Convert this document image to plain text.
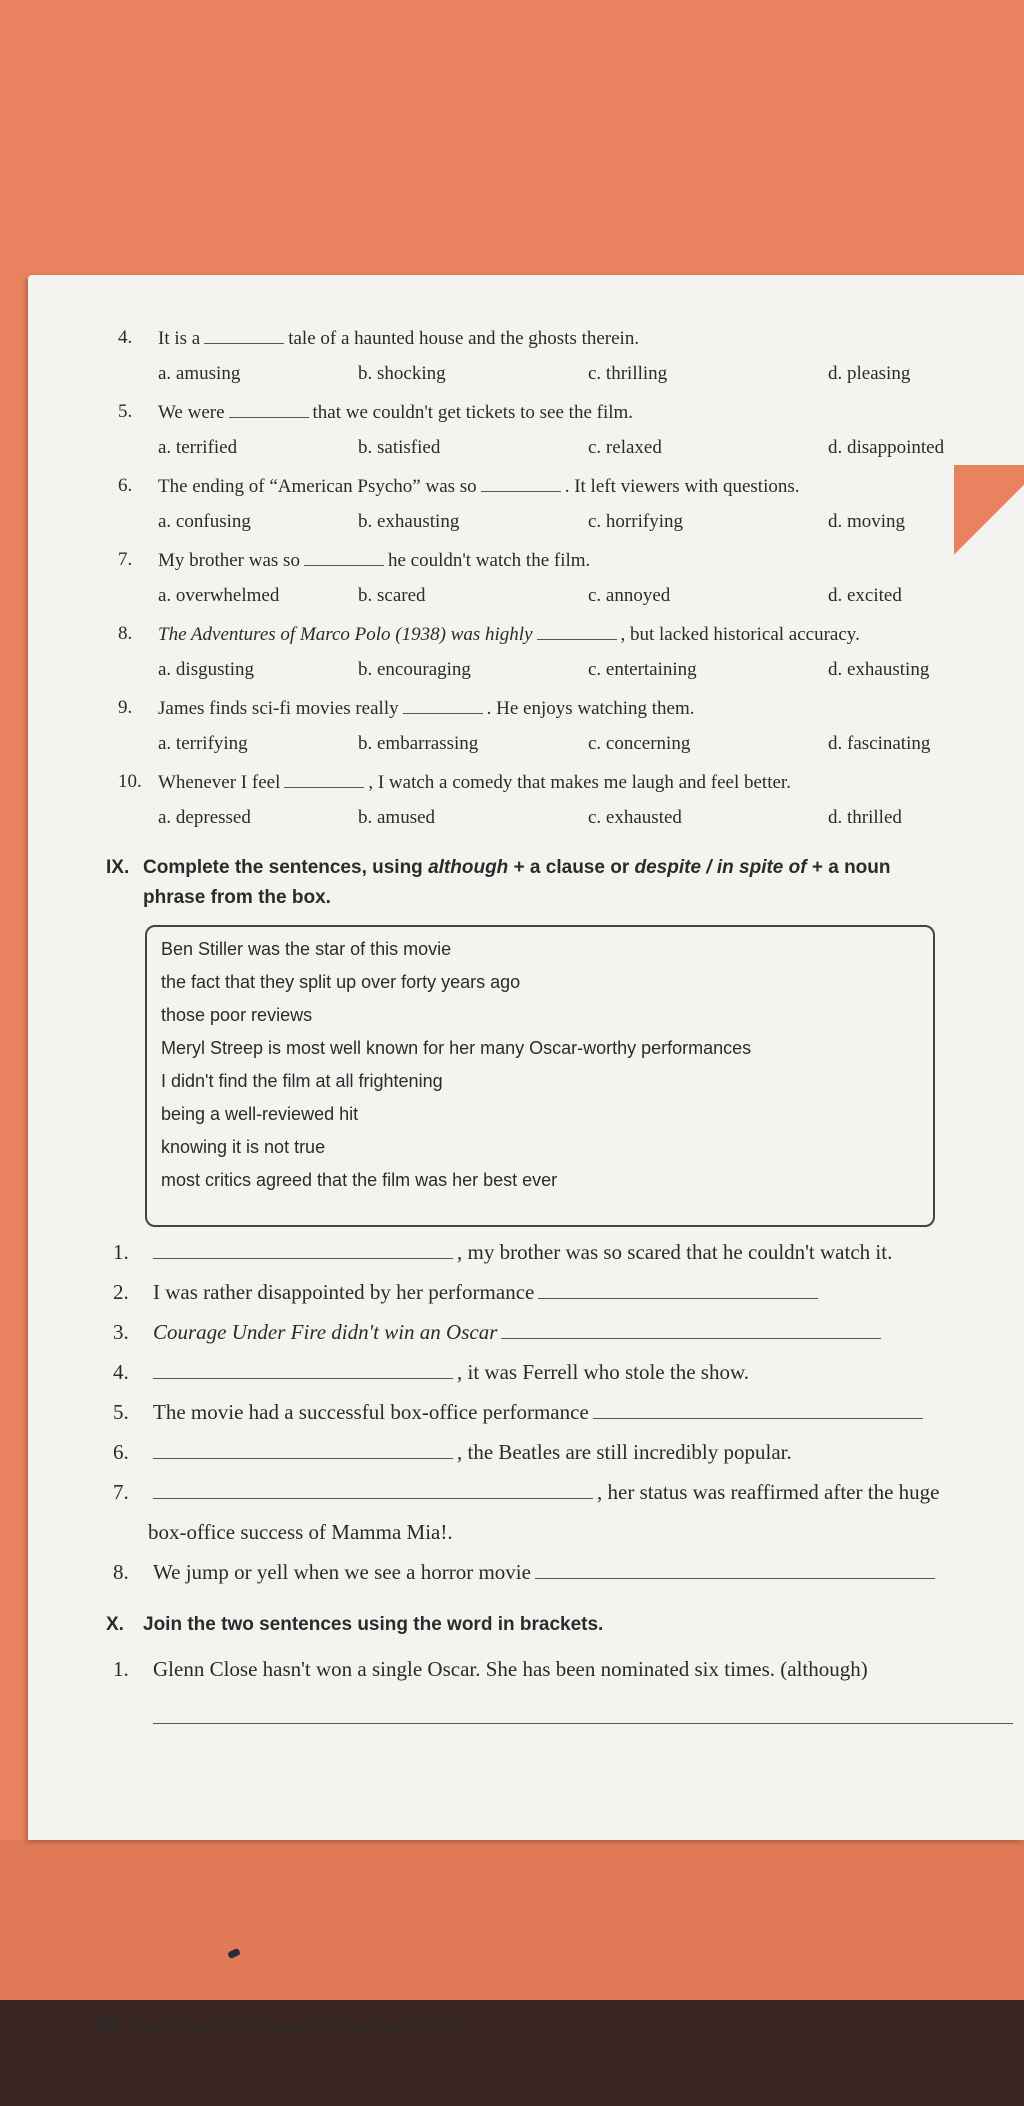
4.	It is a	tale of a haunted house and the ghosts therein.
a. amusing	b. shocking	c. thrilling	d. pleasing
5.	We were	that we couldn't get tickets to see the film.
a. terrified	b. satisfied	c. relaxed	d. disappointed
6.	The ending of “American Psycho” was so	. It left viewers with questions.
a. confusing	b. exhausting	c. horrifying	d. moving
7.	My brother was so	he couldn't watch the film.
a. overwhelmed	b. scared	c. annoyed	d. excited
8.	The Adventures of Marco Polo (1938) was highly	, but lacked historical accuracy.
a. disgusting	b. encouraging	c. entertaining	d. exhausting
9.	James finds sci-fi movies really	. He enjoys watching them.
a. terrifying	b. embarrassing	c. concerning	d. fascinating
10. Whenever I feel	, I watch a comedy that makes me laugh and feel better.
a. depressed	b. amused	c. exhausted	d. thrilled
IX. Complete the sentences, using although + a clause or despite / in spite of + a noun
phrase from the box.
Ben Stiller was the star of this movie
the fact that they split up over forty years ago
those poor reviews
Meryl Streep is most well known for her many Oscar-worthy performances
I didn't find the film at all frightening
being a well-reviewed hit
knowing it is not true
most critics agreed that the film was her best ever
1.	, my brother was so scared that he couldn't watch it.
2. I was rather disappointed by her performance
3. Courage Under Fire didn't win an Oscar
4.	, it was Ferrell who stole the show.
5. The movie had a successful box-office performance
6.	, the Beatles are still incredibly popular.
7.	, her status was reaffirmed after the huge
box-office success of Mamma Mia!.
8. We jump or yell when we see a horror movie
X. Join the two sentences using the word in brackets.
1. Glenn Close hasn't won a single Oscar. She has been nominated six times. (although)
24 • BÀI TẬP TIẾNG ANH 7 - PHẦN BÀI TẬP
